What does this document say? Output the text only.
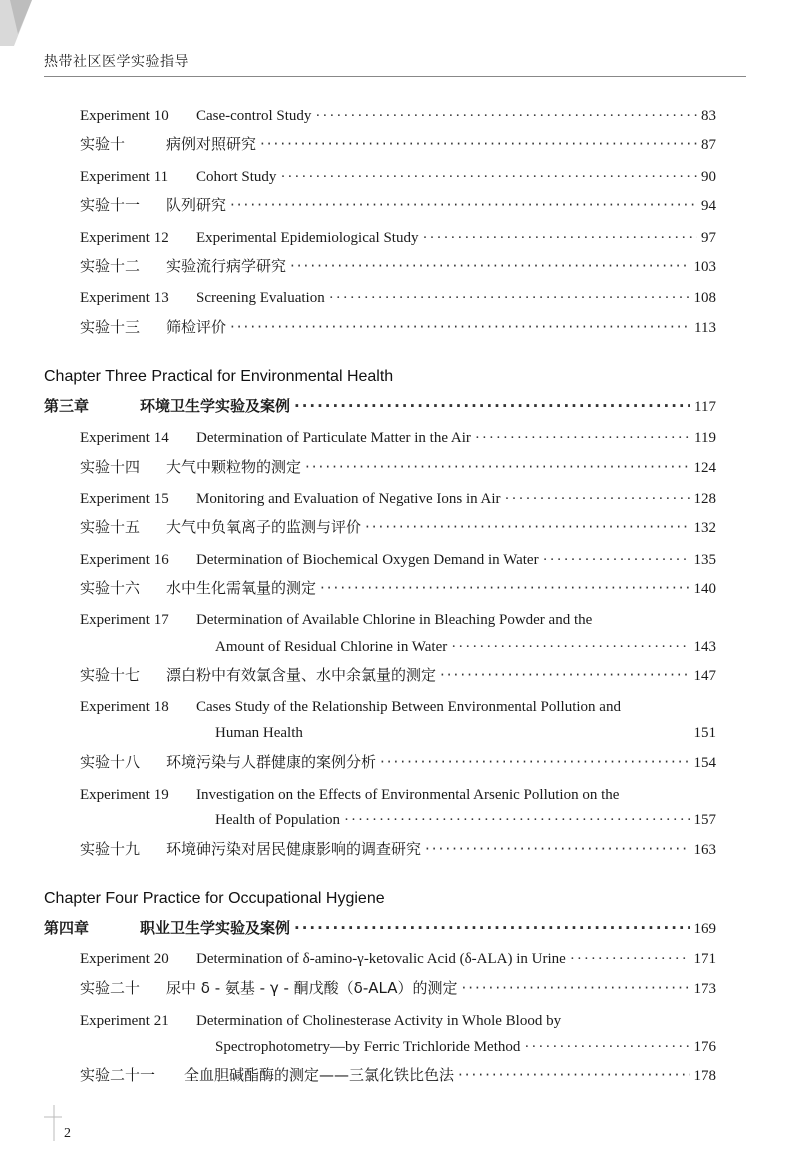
热带社区医学实验指导
Experiment 10	Case-control Study ·····	83
实验十	病例对照研究 ·····	87
Experiment 11	Cohort Study ·····	90
实验十一	队列研究 ·····	94
Experiment 12	Experimental Epidemiological Study ·····	97
实验十二	实验流行病学研究 ·····	103
Experiment 13	Screening Evaluation ·····	108
实验十三	筛检评价 ·····	113
Chapter Three Practical for Environmental Health
第三章	环境卫生学实验及案例 ·····	117
Experiment 14	Determination of Particulate Matter in the Air ·····	119
实验十四	大气中颗粒物的测定 ·····	124
Experiment 15	Monitoring and Evaluation of Negative Ions in Air ·····	128
实验十五	大气中负氧离子的监测与评价 ·····	132
Experiment 16	Determination of Biochemical Oxygen Demand in Water ·····	135
实验十六	水中生化需氧量的测定 ·····	140
Experiment 17	Determination of Available Chlorine in Bleaching Powder and the
Amount of Residual Chlorine in Water ·····	143
实验十七	漂白粉中有效氯含量、水中余氯量的测定 ·····	147
Experiment 18	Cases Study of the Relationship Between Environmental Pollution and
Human Health	151
实验十八	环境污染与人群健康的案例分析 ·····	154
Experiment 19	Investigation on the Effects of Environmental Arsenic Pollution on the
Health of Population ·····	157
实验十九	环境砷污染对居民健康影响的调查研究 ·····	163
Chapter Four Practice for Occupational Hygiene
第四章	职业卫生学实验及案例 ·····	169
Experiment 20	Determination of δ-amino-γ-ketovalic Acid (δ-ALA) in Urine ·····	171
实验二十	尿中 δ - 氨基 - γ - 酮戊酸（δ-ALA）的测定 ·····	173
Experiment 21	Determination of Cholinesterase Activity in Whole Blood by
Spectrophotometry—by Ferric Trichloride Method ·····	176
实验二十一	全血胆碱酯酶的测定——三氯化铁比色法 ·····	178
2
